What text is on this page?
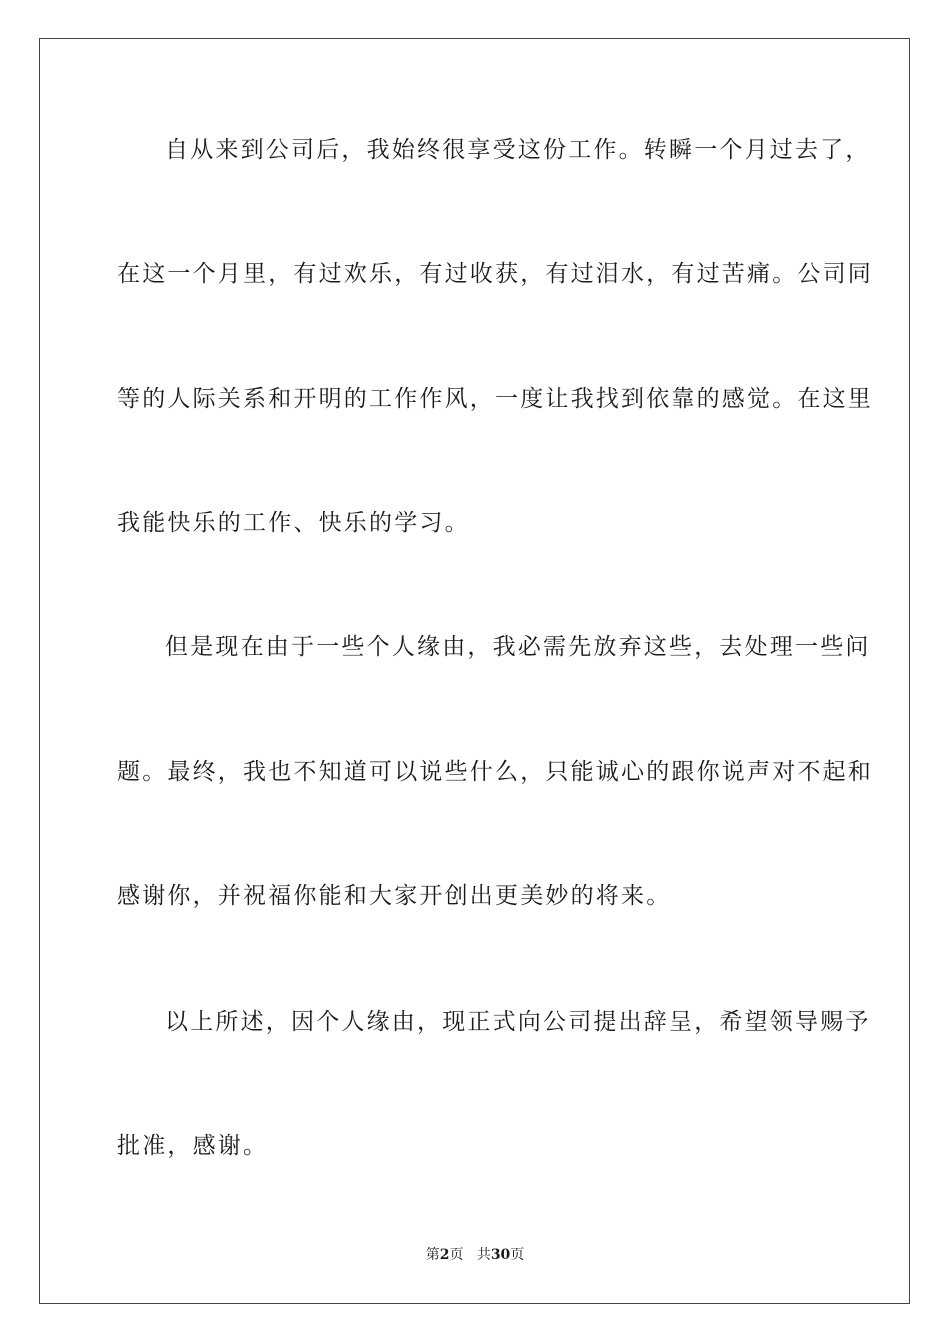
自从来到公司后，我始终很享受这份工作。转瞬一个月过去了，
在这一个月里，有过欢乐，有过收获，有过泪水，有过苦痛。公司同
等的人际关系和开明的工作作风，一度让我找到依靠的感觉。在这里
我能快乐的工作、快乐的学习。
但是现在由于一些个人缘由，我必需先放弃这些，去处理一些问
题。最终，我也不知道可以说些什么，只能诚心的跟你说声对不起和
感谢你，并祝福你能和大家开创出更美妙的将来。
以上所述，因个人缘由，现正式向公司提出辞呈，希望领导赐予
批准，感谢。
第2页 共30页
